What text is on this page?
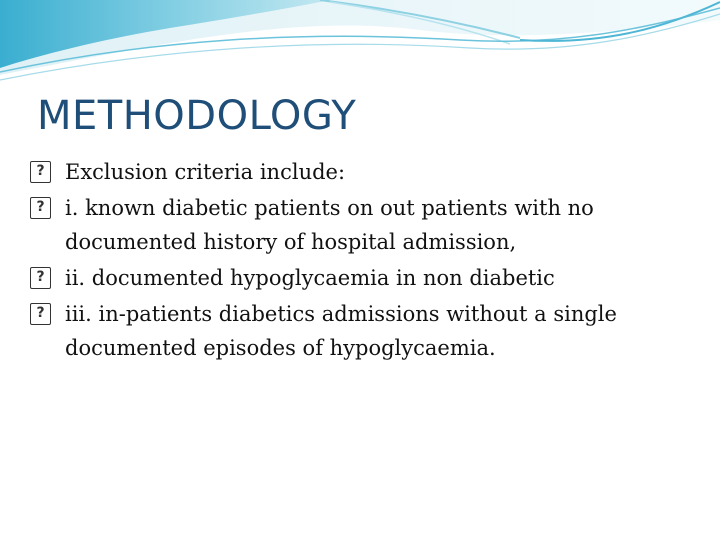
METHODOLOGY
? Exclusion criteria include:
? i. known diabetic patients on out patients with no documented history of hospital admission,
? ii. documented hypoglycaemia in non diabetic
? iii. in-patients diabetics admissions without a single documented episodes of hypoglycaemia.
